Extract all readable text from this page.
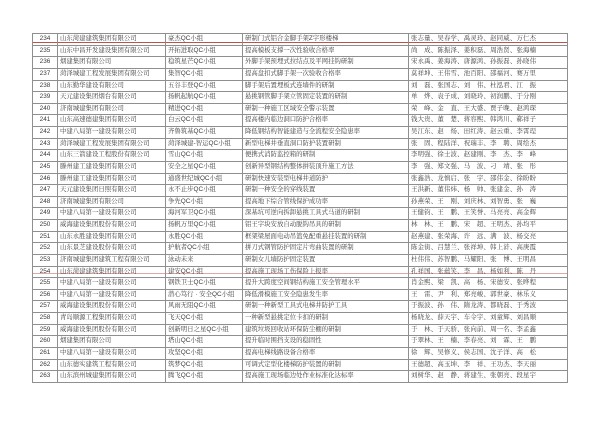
234	山东菏建建筑集团有限公司	豪杰QC小组	研制门式铝合金脚手架Z字形楼梯	张志量、吴春学、禹灵玲、赵同威、万仁杰
235	山东中昌开发建设集团有限公司	开拓进取QC小组	提高模板支撑一次性验收合格率	尚　成、陈振泽、姜积磊、周浩贤、张海楠
236	烟建集团有限公司	稳筑星芒QC小组	外脚手架预埋式拉结点及平网挂钩研制	宋永禹、姜海涛、唐源鸿、孙振磊、孙晓伟
237	菏泽城建工程发展集团有限公司	集智QC小组	提高盘扣式脚手架一次验收合格率	莫祥坤、王伟雪、池百阳、邵福河、赛万里
238	山东勤华建设有限公司	五谷丰登QC小组	脚手架后置埋板式连墙件的研制	刘　磊、张国志、刘　伟、杜泓君、江　振
239	天元建设集团烟台有限公司	扬帆起航QC小组	悬挑钢管脚手架立管固定装置的研制	单　烨、袁子成、刘晓玲、初润鹏、于分刚
240	济南城建集团有限公司	精进QC小组	研制一种施工区域安全警示装置	荣　峰、金　直、王大盛、贾子晚、赵鸿琛
241	山东高速德建集团有限公司	白云QC小组	提高楼内临边洞口防护合格率	钱大贵、董　楚、蒋容熙、韩鸿川、郗祥子
242	中建八局第一建设有限公司	齐鲁筑基QC小组	降低钢结构智能建造与全流程安全隐患率	吴江东、赵　炀、田红涛、赵云重、李霄珵
243	菏泽城建工程发展集团有限公司	菏泽城建-智运QC小组	新型电梯井垂直洞口防护装置研制	张　固、程陆洋、祝瑞丰、李　聘、周绘杰
244	山东三箭建设工程股份有限公司	雪山QC小组	便携式消防监控箱的研制	李明强、徐士波、赵建刚、李　杰、李　峰
245	滕州建工建设集团有限公司	安全之星QC小组	创新异型钢结构整体拼装顶升施工方法	李　强、郑文强、马　波、刁　靖、张　彤
246	滕州建工建设集团有限公司	通盛世纪城QC小组	研制快速安装型电梯井道防护	张鑫浩、龙慎启、张　宇、邵伟金、徐盼盼
247	天元建设集团日照有限公司	永不止步QC小组	研制一种安全的穿线装置	王洪新、董伟炜、杨　帅、张建金、孙　涛
248	济南城建集团有限公司	争先QC小组	提高地下综合管线保护成功率	孙燕荣、王　刚、刘庆林、刘智勇、张　巍
249	中建八局第一建设有限公司	海河军卫QC小组	深基坑可逆向拆卸悬挑工具式马道的研制	王健钧、王　鹏、王笑誉、马亮亮、高金辉
250	威海建设集团股份有限公司	扬帆万里QC小组	铝王字块安放自动脱钩吊具的研制	林　林、王　鹏、宋　超、王明杰、孙均平
251	山东永胜建设集团有限公司	永胜QC小组	框架梁屋面电动吊篮免配重悬挂装置的研制	赵燕建、张荣海、许　远、满　波、杨交亮
252	山东景芝建设股份有限公司	护航者QC小组	拼刀式钢管防护固定片弯曲装置的研制	陈金街、吕慧兰、张祥坤、韩上浒、高庚霞
253	济南城建集团建筑工程有限公司	泳动未来	研制女儿墙防护固定装置	杜伟伟、苏智鹏、马耀阳、张　博、王明昌
254	山东菏建建筑集团有限公司	建安QC小组	提高施工现场工伤保险上报率	孔祥国、张蕴笑、李　昌、杨如利、陈　丹
255	中建八局第一建设有限公司	钢铁卫士QC小组	提升大跨度空间钢结构施工安全管理水平	肖金熙、梁　凯、高　杨、宋德安、张晔程
256	中建八局第一建设有限公司	潜心笃行 · 安全QC小组	降低滑模施工安全隐患发生率	王　雷、尹　利、郑亮峻、郭世豪、林乐义
257	威海建设集团股份有限公司	风雨无阻QC小组	研制一种新型工具式电梯井防护工具	于振波、孙　伟、隋龙涛、都晓磊、于秀波
258	青岛顺源工程集团有限公司	飞天QC小组	一种新型悬挑定位卡扣的研制	杨晓龙、薛天宇、车令宇、刘童辉、刘昌顺
259	威海建设集团股份有限公司	创新明日之星QC小组	建筑垃圾回收站环保防尘棚的研制	于　林、于天骄、张向前、周一名、李孟鑫
260	烟建集团有限公司	塔山QC小组	提升临时围挡支设的稳固性	于翠林、王　楠、李春亮、刘　霖、王　鹏
261	中建八局第一建设有限公司	攻坚QC小组	提高电梯线路设备合格率	徐　辉、吴修义、侯志国、沈子洋、高　松
262	山东德实建筑工程有限公司	筑梦QC小组	可调式定型化楼梯防护装置的研制	王德超、高玉坤、李　祥、王功杰、李天丽
263	山东滨州城建集团有限公司	腾飞QC小组	提高施工现场临边处作业标准化达标率	刘树华、赵　静、蒋建生、张朝亮、段星宇
